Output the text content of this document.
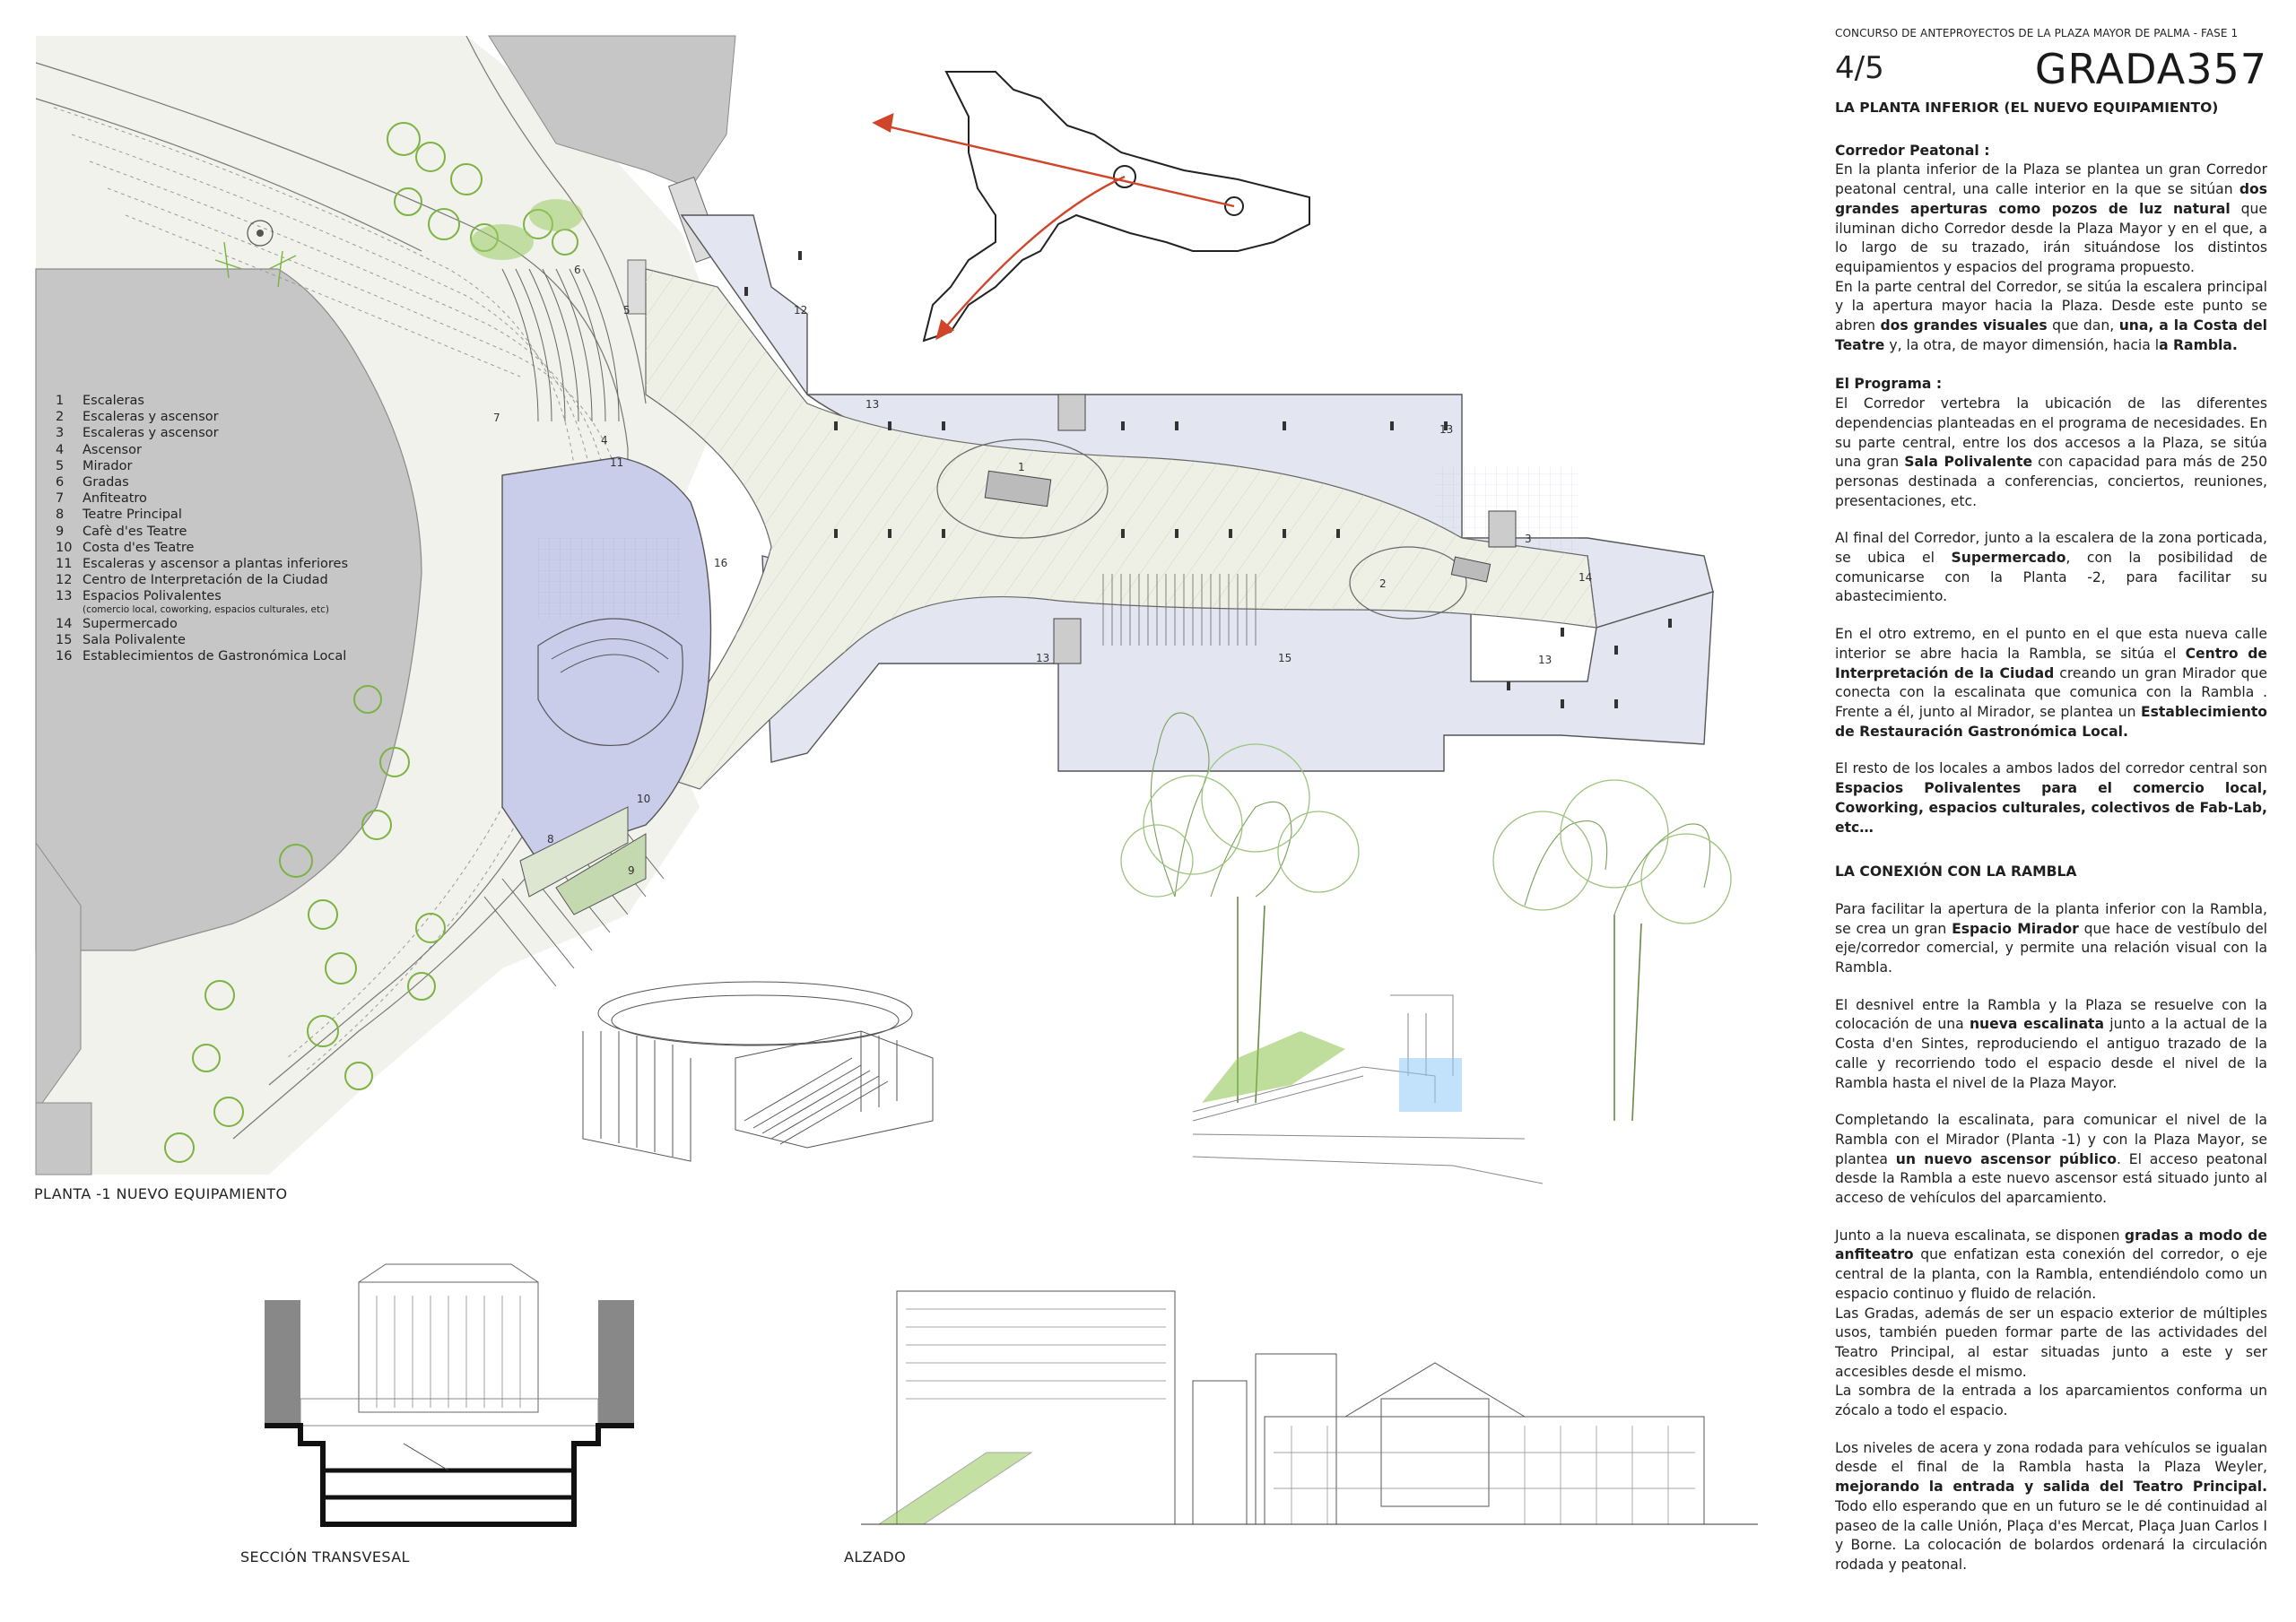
1
2
3
4
5
6
7
8
9
10
11
12
13
13
13	13
14
15
16
1	Escaleras
2	Escaleras y ascensor
3	Escaleras y ascensor
4	Ascensor
5	Mirador
6	Gradas
7	Anfiteatro
8	Teatre Principal
9	Cafè d'es Teatre
10 Costa d'es Teatre
11 Escaleras y ascensor a plantas inferiores
12 Centro de Interpretación de la Ciudad
13 Espacios Polivalentes
(comercio local, coworking, espacios culturales, etc)
14 Supermercado
15 Sala Polivalente
16 Establecimientos de Gastronómica Local
PLANTA -1 NUEVO EQUIPAMIENTO
SECCIÓN TRANSVESAL	ALZADO
CONCURSO DE ANTEPROYECTOS DE LA PLAZA MAYOR DE PALMA - FASE 1
4/5	GRADA357
LA PLANTA INFERIOR (EL NUEVO EQUIPAMIENTO)
Corredor Peatonal :

En la planta inferior de la Plaza se plantea un gran Corredor peatonal central, una calle interior en la que se sitúan dos grandes aperturas como pozos de luz natural que iluminan dicho Corredor desde la Plaza Mayor y en el que, a lo largo de su trazado, irán situándose los distintos equipamientos y espacios del programa propuesto.

En la parte central del Corredor, se sitúa la escalera principal y la apertura mayor hacia la Plaza. Desde este punto se abren dos grandes visuales que dan, una, a la Costa del Teatre y, la otra, de mayor dimensión, hacia la Rambla.

El Programa :

El Corredor vertebra la ubicación de las diferentes dependencias planteadas en el programa de necesidades. En su parte central, entre los dos accesos a la Plaza, se sitúa una gran Sala Polivalente con capacidad para más de 250 personas destinada a conferencias, conciertos, reuniones, presentaciones, etc.

Al final del Corredor, junto a la escalera de la zona porticada, se ubica el Supermercado, con la posibilidad de comunicarse con la Planta -2, para facilitar su abastecimiento.

En el otro extremo, en el punto en el que esta nueva calle interior se abre hacia la Rambla, se sitúa el Centro de Interpretación de la Ciudad creando un gran Mirador que conecta con la escalinata que comunica con la Rambla . Frente a él, junto al Mirador, se plantea un Establecimiento de Restauración Gastronómica Local.

El resto de los locales a ambos lados del corredor central son Espacios Polivalentes para el comercio local, Coworking, espacios culturales, colectivos de Fab-Lab, etc…

LA CONEXIÓN CON LA RAMBLA

Para facilitar la apertura de la planta inferior con la Rambla, se crea un gran Espacio Mirador que hace de vestíbulo del eje/corredor comercial, y permite una relación visual con la Rambla.

El desnivel entre la Rambla y la Plaza se resuelve con la colocación de una nueva escalinata junto a la actual de la Costa d'en Sintes, reproduciendo el antiguo trazado de la calle y recorriendo todo el espacio desde el nivel de la Rambla hasta el nivel de la Plaza Mayor.

Completando la escalinata, para comunicar el nivel de la Rambla con el Mirador (Planta -1) y con la Plaza Mayor, se plantea un nuevo ascensor público. El acceso peatonal desde la Rambla a este nuevo ascensor está situado junto al acceso de vehículos del aparcamiento.

Junto a la nueva escalinata, se disponen gradas a modo de anfiteatro que enfatizan esta conexión del corredor, o eje central de la planta, con la Rambla, entendiéndolo como un espacio continuo y fluido de relación.

Las Gradas, además de ser un espacio exterior de múltiples usos, también pueden formar parte de las actividades del Teatro Principal, al estar situadas junto a este y ser accesibles desde el mismo.

La sombra de la entrada a los aparcamientos conforma un zócalo a todo el espacio.

Los niveles de acera y zona rodada para vehículos se igualan desde el final de la Rambla hasta la Plaza Weyler, mejorando la entrada y salida del Teatro Principal. Todo ello esperando que en un futuro se le dé continuidad al paseo de la calle Unión, Plaça d'es Mercat, Plaça Juan Carlos I y Borne. La colocación de bolardos ordenará la circulación rodada y peatonal.
